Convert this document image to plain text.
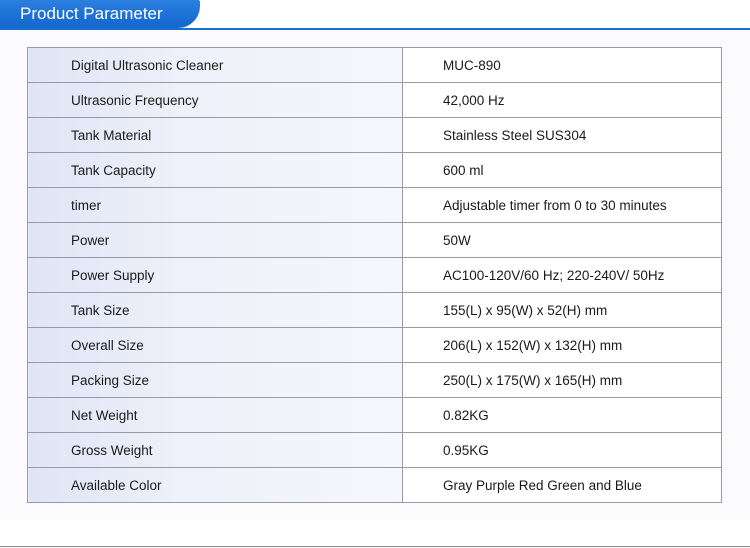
Product Parameter
Digital Ultrasonic Cleaner	MUC-890
Ultrasonic Frequency	42,000 Hz
Tank Material	Stainless Steel SUS304
Tank Capacity	600 ml
timer	Adjustable timer from 0 to 30 minutes
Power	50W
Power Supply	AC100-120V/60 Hz; 220-240V/ 50Hz
Tank Size	155(L) x 95(W) x 52(H) mm
Overall Size	206(L) x 152(W) x 132(H) mm
Packing Size	250(L) x 175(W) x 165(H) mm
Net Weight	0.82KG
Gross Weight	0.95KG
Available Color	Gray Purple Red Green and Blue
